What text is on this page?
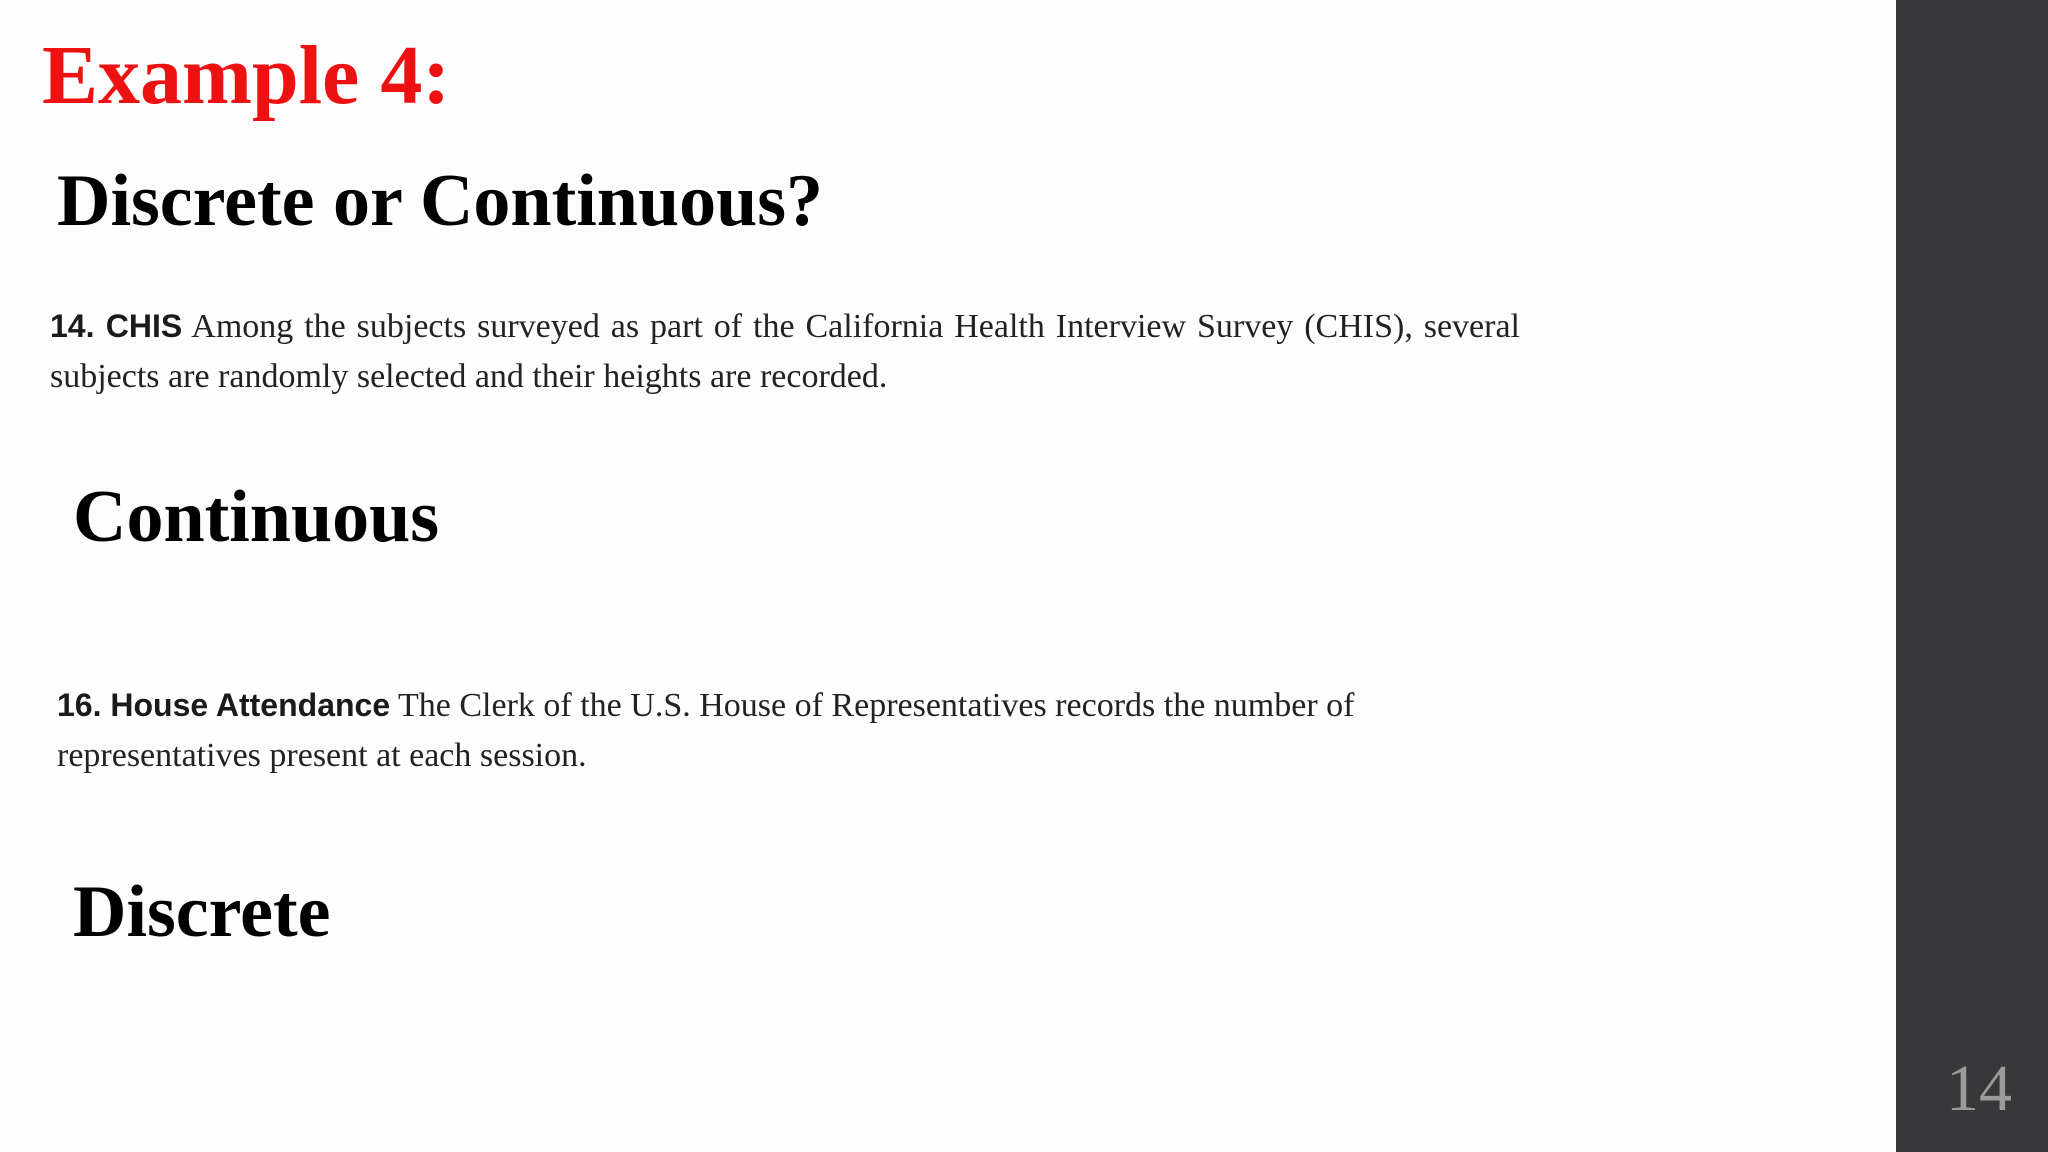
Example 4:
Discrete or Continuous?

14. CHIS Among the subjects surveyed as part of the California Health Interview Survey (CHIS), several subjects are randomly selected and their heights are recorded.

Continuous

16. House Attendance The Clerk of the U.S. House of Representatives records the number of representatives present at each session.

Discrete
14
